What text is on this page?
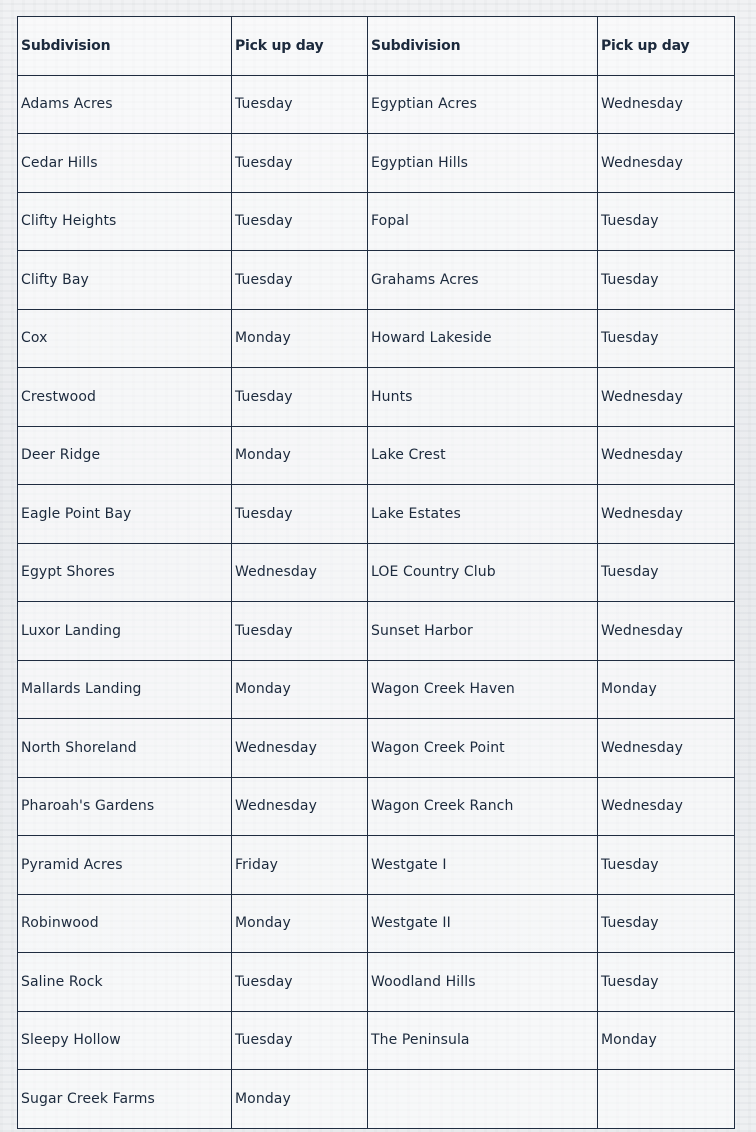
Subdivision	Pick up day	Subdivision	Pick up day
Adams Acres	Tuesday	Egyptian Acres	Wednesday
Cedar Hills	Tuesday	Egyptian Hills	Wednesday
Clifty Heights	Tuesday	Fopal	Tuesday
Clifty Bay	Tuesday	Grahams Acres	Tuesday
Cox	Monday	Howard Lakeside	Tuesday
Crestwood	Tuesday	Hunts	Wednesday
Deer Ridge	Monday	Lake Crest	Wednesday
Eagle Point Bay	Tuesday	Lake Estates	Wednesday
Egypt Shores	Wednesday	LOE Country Club	Tuesday
Luxor Landing	Tuesday	Sunset Harbor	Wednesday
Mallards Landing	Monday	Wagon Creek Haven	Monday
North Shoreland	Wednesday	Wagon Creek Point	Wednesday
Pharoah's Gardens	Wednesday	Wagon Creek Ranch	Wednesday
Pyramid Acres	Friday	Westgate I	Tuesday
Robinwood	Monday	Westgate II	Tuesday
Saline Rock	Tuesday	Woodland Hills	Tuesday
Sleepy Hollow	Tuesday	The Peninsula	Monday
Sugar Creek Farms	Monday		
